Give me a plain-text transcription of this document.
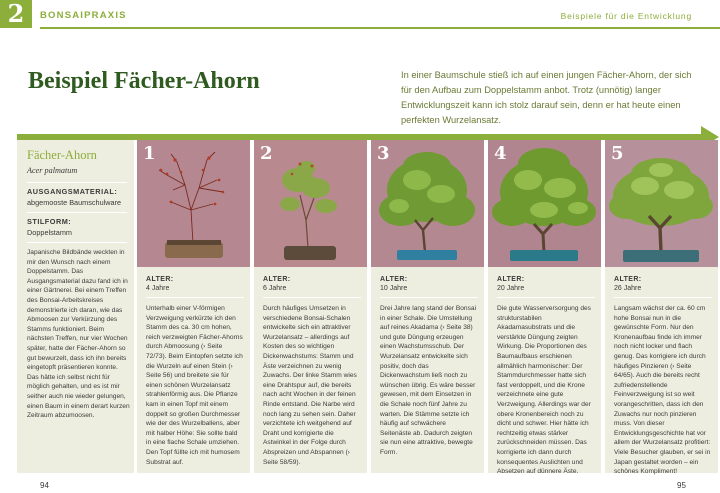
2	BONSAIPRAXIS	Beispiele für die Entwicklung
Beispiel Fächer-Ahorn	In einer Baumschule stieß ich auf einen jungen Fächer-Ahorn, der sich für den Aufbau zum Doppelstamm anbot. Trotz (unnötig) langer Entwicklungszeit kann ich stolz darauf sein, denn er hat heute einen perfekten Wurzelansatz.

Fächer-Ahorn
Acer palmatum
AUSGANGSMATERIAL:
abgemooste Baumschulware
STILFORM:
Doppelstamm
Japanische Bildbände weckten in mir den Wunsch nach einem Doppelstamm. Das Ausgangsmaterial dazu fand ich in einer Gärtnerei. Bei einem Treffen des Bonsai-Arbeitskreises demonstrierte ich daran, wie das Abmoosen zur Verkürzung des Stamms funktioniert. Beim nächsten Treffen, nur vier Wochen später, hatte der Fächer-Ahorn so gut bewurzelt, dass ich ihn bereits eingetopft präsentieren konnte. Das hätte ich selbst nicht für möglich gehalten, und es ist mir seither auch nie wieder gelungen, einen Baum in einem derart kurzen Zeitraum abzumoosen.
1
ALTER:
4 Jahre
Unterhalb einer V-förmigen Verzweigung verkürzte ich den Stamm des ca. 30 cm hohen, reich verzweigten Fächer-Ahorns durch Abmoosung (› Seite 72/73). Beim Eintopfen setzte ich die Wurzeln auf einen Stein (› Seite 56) und breitete sie für einen schönen Wurzelansatz strahlenförmig aus. Die Pflanze kam in einen Topf mit einem doppelt so großen Durchmesser wie der des Wurzelballens, aber mit halber Höhe: Sie sollte bald in eine flache Schale umziehen. Den Topf füllte ich mit humosem Substrat auf.
2
ALTER:
6 Jahre
Durch häufiges Umsetzen in verschiedene Bonsai-Schalen entwickelte sich ein attraktiver Wurzelansatz – allerdings auf Kosten des so wichtigen Dickenwachstums: Stamm und Äste verzeichnen zu wenig Zuwachs. Der linke Stamm wies eine Drahtspur auf, die bereits nach acht Wochen in der feinen Rinde entstand. Die Narbe wird noch lang zu sehen sein. Daher verzichtete ich weitgehend auf Draht und korrigierte die Astwinkel in der Folge durch Abspreizen und Abspannen (› Seite 58/59).
3
ALTER:
10 Jahre
Drei Jahre lang stand der Bonsai in einer Schale. Die Umstellung auf reines Akadama (› Seite 38) und gute Düngung erzeugen einen Wachstumsschub. Der Wurzelansatz entwickelte sich positiv, doch das Dickenwachstum ließ noch zu wünschen übrig. Es wäre besser gewesen, mit dem Einsetzen in die Schale noch fünf Jahre zu warten. Die Stämme setzte ich häufig auf schwächere Seitenäste ab. Dadurch zeigten sie nun eine attraktive, bewegte Form.
4
ALTER:
20 Jahre
Die gute Wasserversorgung des strukturstabilen Akadamasubstrats und die verstärkte Düngung zeigten Wirkung. Die Proportionen des Baumaufbaus erschienen allmählich harmonischer: Der Stammdurchmesser hatte sich fast verdoppelt, und die Krone verzeichnete eine gute Verzweigung. Allerdings war der obere Kronenbereich noch zu dicht und schwer. Hier hätte ich rechtzeitig etwas stärker zurückschneiden müssen. Das korrigierte ich dann durch konsequentes Auslichten und Absetzen auf dünnere Äste.
5
ALTER:
26 Jahre
Langsam wächst der ca. 60 cm hohe Bonsai nun in die gewünschte Form. Nur den Kronenaufbau finde ich immer noch nicht locker und flach genug. Das korrigiere ich durch häufiges Pinzieren (› Seite 64/65). Auch die bereits recht zufriedenstellende Feinverzweigung ist so weit vorangeschritten, dass ich den Zuwachs nur noch pinzieren muss. Von dieser Entwicklungsgeschichte hat vor allem der Wurzelansatz profitiert: Viele Besucher glauben, er sei in Japan gestaltet worden – ein schönes Kompliment!
94	95
